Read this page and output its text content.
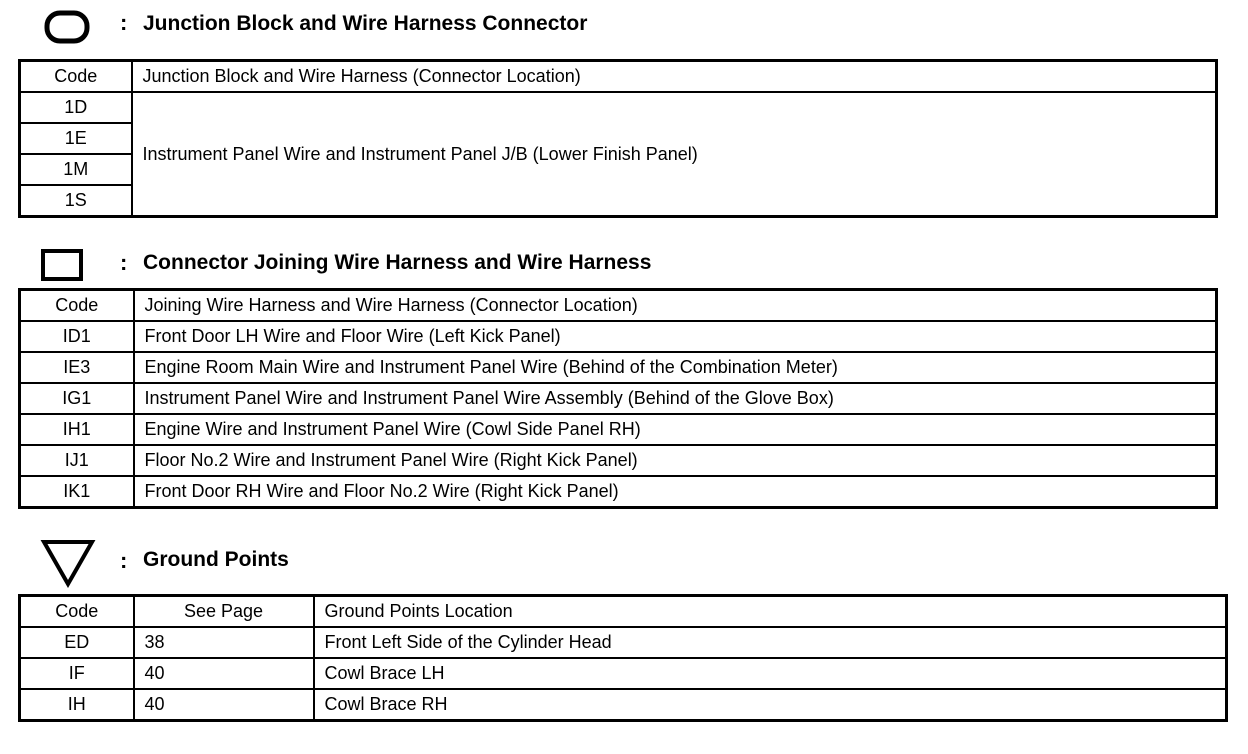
: Junction Block and Wire Harness Connector
Code	Junction Block and Wire Harness (Connector Location)
1D	Instrument Panel Wire and Instrument Panel J/B (Lower Finish Panel)
1E	
1M	
1S	
: Connector Joining Wire Harness and Wire Harness
Code	Joining Wire Harness and Wire Harness (Connector Location)
ID1	Front Door LH Wire and Floor Wire (Left Kick Panel)
IE3	Engine Room Main Wire and Instrument Panel Wire (Behind of the Combination Meter)
IG1	Instrument Panel Wire and Instrument Panel Wire Assembly (Behind of the Glove Box)
IH1	Engine Wire and Instrument Panel Wire (Cowl Side Panel RH)
IJ1	Floor No.2 Wire and Instrument Panel Wire (Right Kick Panel)
IK1	Front Door RH Wire and Floor No.2 Wire (Right Kick Panel)
: Ground Points
Code	See Page	Ground Points Location
ED	38	Front Left Side of the Cylinder Head
IF	40	Cowl Brace LH
IH	40	Cowl Brace RH
